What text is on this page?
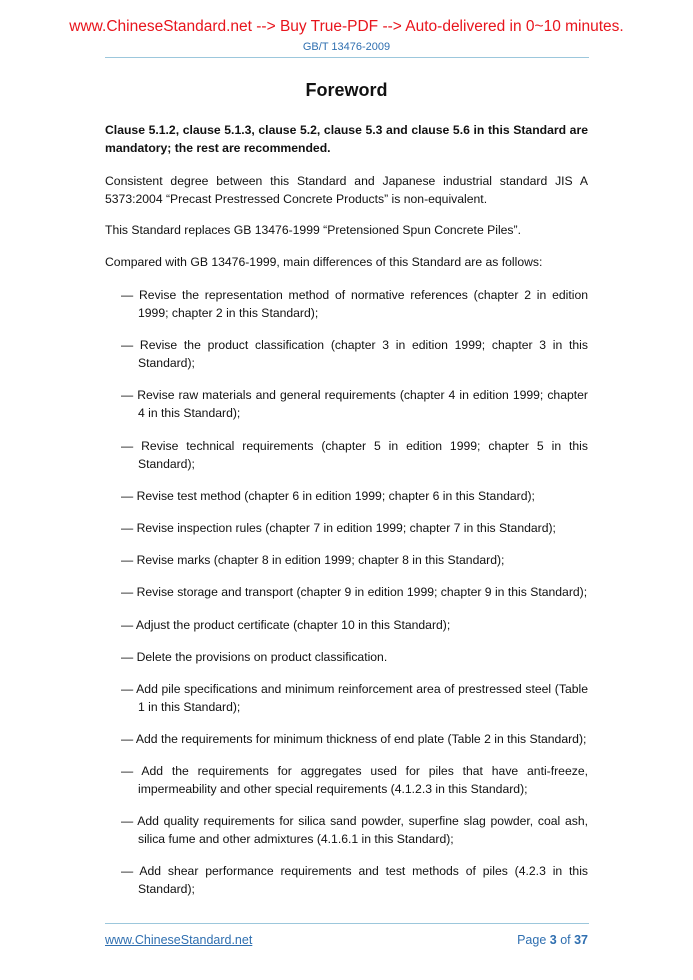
www.ChineseStandard.net --> Buy True-PDF --> Auto-delivered in 0~10 minutes.
GB/T 13476-2009
Foreword
Clause 5.1.2, clause 5.1.3, clause 5.2, clause 5.3 and clause 5.6 in this Standard are mandatory; the rest are recommended.
Consistent degree between this Standard and Japanese industrial standard JIS A 5373:2004 “Precast Prestressed Concrete Products” is non-equivalent.
This Standard replaces GB 13476-1999 “Pretensioned Spun Concrete Piles”.
Compared with GB 13476-1999, main differences of this Standard are as follows:
— Revise the representation method of normative references (chapter 2 in edition 1999; chapter 2 in this Standard);
— Revise the product classification (chapter 3 in edition 1999; chapter 3 in this Standard);
— Revise raw materials and general requirements (chapter 4 in edition 1999; chapter 4 in this Standard);
— Revise technical requirements (chapter 5 in edition 1999; chapter 5 in this Standard);
— Revise test method (chapter 6 in edition 1999; chapter 6 in this Standard);
— Revise inspection rules (chapter 7 in edition 1999; chapter 7 in this Standard);
— Revise marks (chapter 8 in edition 1999; chapter 8 in this Standard);
— Revise storage and transport (chapter 9 in edition 1999; chapter 9 in this Standard);
— Adjust the product certificate (chapter 10 in this Standard);
— Delete the provisions on product classification.
— Add pile specifications and minimum reinforcement area of prestressed steel (Table 1 in this Standard);
— Add the requirements for minimum thickness of end plate (Table 2 in this Standard);
— Add the requirements for aggregates used for piles that have anti-freeze, impermeability and other special requirements (4.1.2.3 in this Standard);
— Add quality requirements for silica sand powder, superfine slag powder, coal ash, silica fume and other admixtures (4.1.6.1 in this Standard);
— Add shear performance requirements and test methods of piles (4.2.3 in this Standard);
www.ChineseStandard.net	Page 3 of 37
